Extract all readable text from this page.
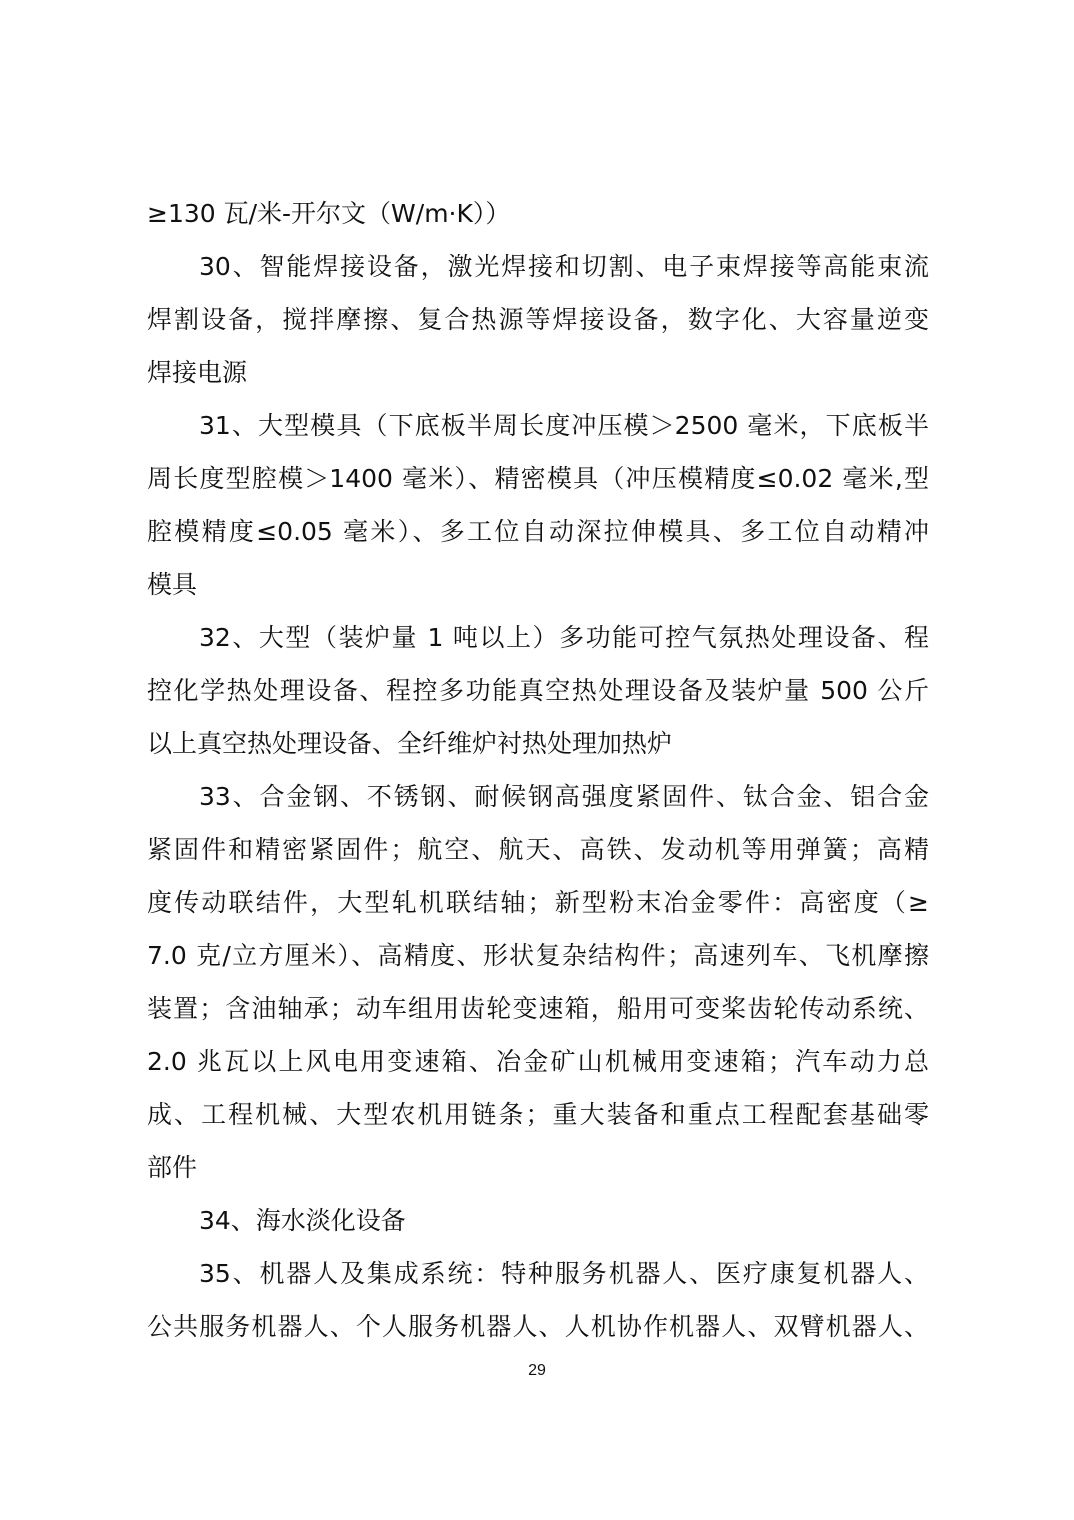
≥130 瓦/米-开尔文（W/m·K））
30、智能焊接设备，激光焊接和切割、电子束焊接等高能束流
焊割设备，搅拌摩擦、复合热源等焊接设备，数字化、大容量逆变
焊接电源
31、大型模具（下底板半周长度冲压模＞2500 毫米，下底板半
周长度型腔模＞1400 毫米）、精密模具（冲压模精度≤0.02 毫米,型
腔模精度≤0.05 毫米）、多工位自动深拉伸模具、多工位自动精冲
模具
32、大型（装炉量 1 吨以上）多功能可控气氛热处理设备、程
控化学热处理设备、程控多功能真空热处理设备及装炉量 500 公斤
以上真空热处理设备、全纤维炉衬热处理加热炉
33、合金钢、不锈钢、耐候钢高强度紧固件、钛合金、铝合金
紧固件和精密紧固件；航空、航天、高铁、发动机等用弹簧；高精
度传动联结件，大型轧机联结轴；新型粉末冶金零件：高密度（≥
7.0 克/立方厘米）、高精度、形状复杂结构件；高速列车、飞机摩擦
装置；含油轴承；动车组用齿轮变速箱，船用可变桨齿轮传动系统、
2.0 兆瓦以上风电用变速箱、冶金矿山机械用变速箱；汽车动力总
成、工程机械、大型农机用链条；重大装备和重点工程配套基础零
部件
34、海水淡化设备
35、机器人及集成系统：特种服务机器人、医疗康复机器人、
公共服务机器人、个人服务机器人、人机协作机器人、双臂机器人、
29
